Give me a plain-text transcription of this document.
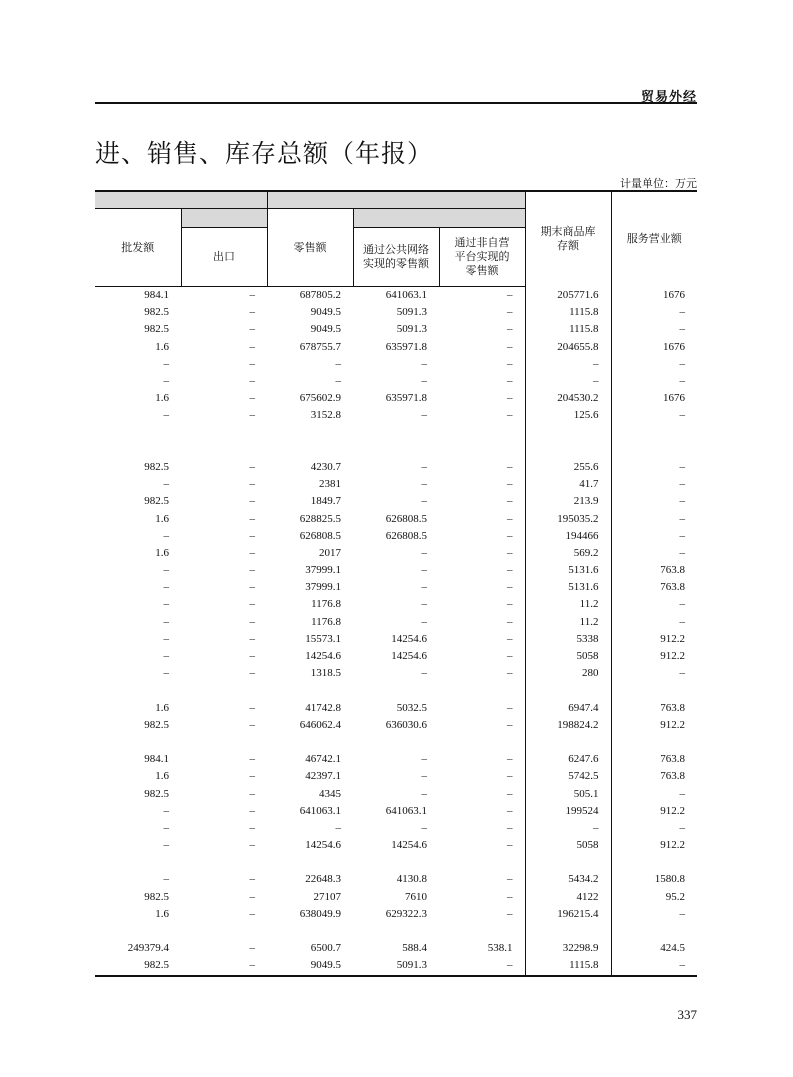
贸易外经
进、销售、库存总额（年报）
计量单位：万元
					期末商品库存额	服务营业额
批发额		零售额				
	出口		通过公共网络实现的零售额	通过非自营平台实现的零售额		
984.1	–	687805.2	641063.1	–	205771.6	1676
982.5	–	9049.5	5091.3	–	1115.8	–
982.5	–	9049.5	5091.3	–	1115.8	–
1.6	–	678755.7	635971.8	–	204655.8	1676
–	–	–	–	–	–	–
–	–	–	–	–	–	–
1.6	–	675602.9	635971.8	–	204530.2	1676
–	–	3152.8	–	–	125.6	–

982.5	–	4230.7	–	–	255.6	–
–	–	2381	–	–	41.7	–
982.5	–	1849.7	–	–	213.9	–
1.6	–	628825.5	626808.5	–	195035.2	–
–	–	626808.5	626808.5	–	194466	–
1.6	–	2017	–	–	569.2	–
–	–	37999.1	–	–	5131.6	763.8
–	–	37999.1	–	–	5131.6	763.8
–	–	1176.8	–	–	11.2	–
–	–	1176.8	–	–	11.2	–
–	–	15573.1	14254.6	–	5338	912.2
–	–	14254.6	14254.6	–	5058	912.2
–	–	1318.5	–	–	280	–

1.6	–	41742.8	5032.5	–	6947.4	763.8
982.5	–	646062.4	636030.6	–	198824.2	912.2

984.1	–	46742.1	–	–	6247.6	763.8
1.6	–	42397.1	–	–	5742.5	763.8
982.5	–	4345	–	–	505.1	–
–	–	641063.1	641063.1	–	199524	912.2
–	–	–	–	–	–	–
–	–	14254.6	14254.6	–	5058	912.2

–	–	22648.3	4130.8	–	5434.2	1580.8
982.5	–	27107	7610	–	4122	95.2
1.6	–	638049.9	629322.3	–	196215.4	–

249379.4	–	6500.7	588.4	538.1	32298.9	424.5
982.5	–	9049.5	5091.3	–	1115.8	–
337
